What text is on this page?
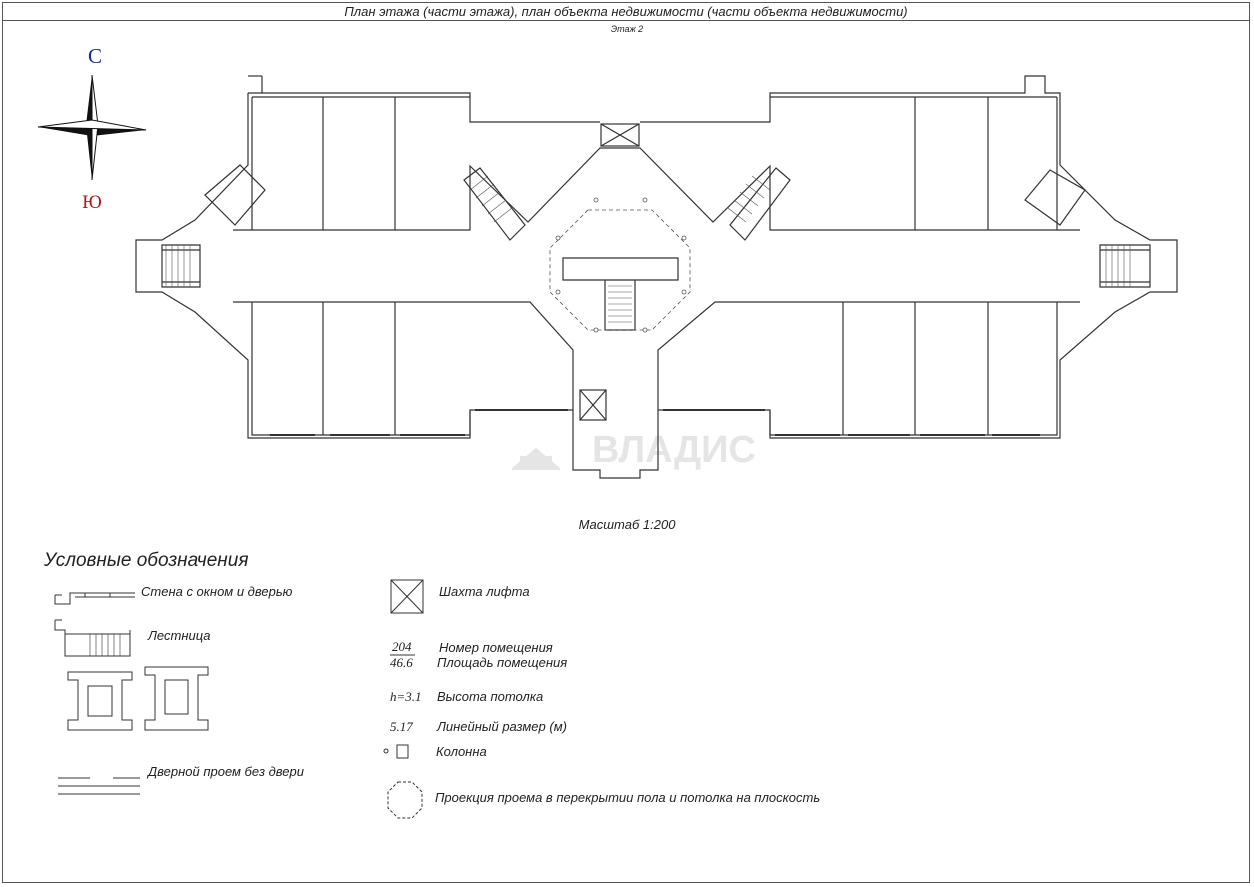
План этажа (части этажа), план объекта недвижимости (части объекта недвижимости)
Этаж 2
С
Ю
ВЛАДИС
Масштаб 1:200
Условные обозначения
Стена с окном и дверью
Лестница
Дверной проем без двери
Шахта лифта
204
46.6
Номер помещения
Площадь помещения
h=3.1 Высота потолка
5.17 Линейный размер (м)
Колонна
Проекция проема в перекрытии пола и потолка на плоскость
